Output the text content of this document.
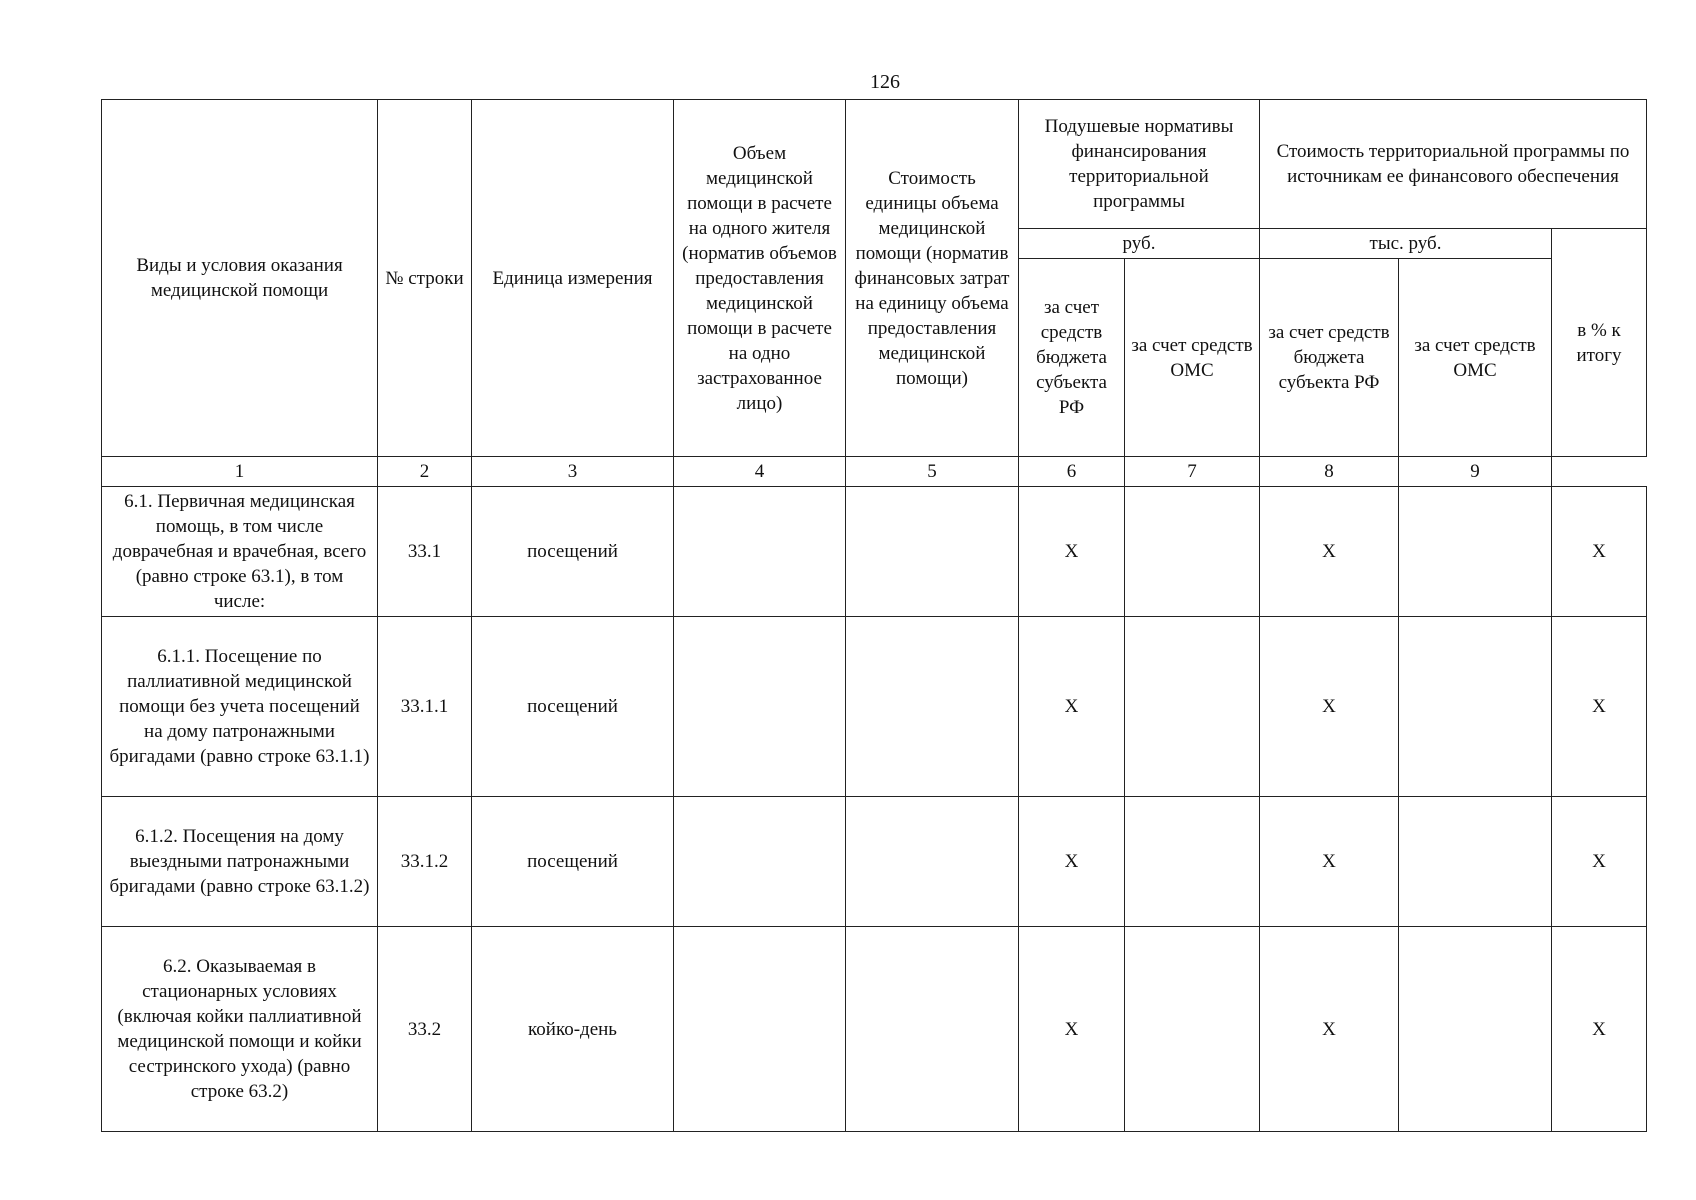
126
Виды и условия оказания медицинской помощи	№ строки	Единица измерения	Объем медицинской помощи в расчете на одного жителя (норматив объемов предоставления медицинской помощи в расчете на одно застрахованное лицо)	Стоимость единицы объема медицинской помощи (норматив финансовых затрат на единицу объема предоставления медицинской помощи)	Подушевые нормативы финансирования территориальной программы		Стоимость территориальной программы по источникам ее финансового обеспечения		
					руб.		тыс. руб.		в % к итогу
					за счет средств бюджета субъекта РФ	за счет средств ОМС	за счет средств бюджета субъекта РФ	за счет средств ОМС	
1	2	3	4	5	6	7	8	9	
6.1. Первичная медицинская помощь, в том числе доврачебная и врачебная, всего (равно строке 63.1), в том числе:	33.1	посещений			X		X		X
6.1.1. Посещение по паллиативной медицинской помощи без учета посещений на дому патронажными бригадами (равно строке 63.1.1)	33.1.1	посещений			X		X		X
6.1.2. Посещения на дому выездными патронажными бригадами (равно строке 63.1.2)	33.1.2	посещений			X		X		X
6.2. Оказываемая в стационарных условиях (включая койки паллиативной медицинской помощи и койки сестринского ухода) (равно строке 63.2)	33.2	койко-день			X		X		X
